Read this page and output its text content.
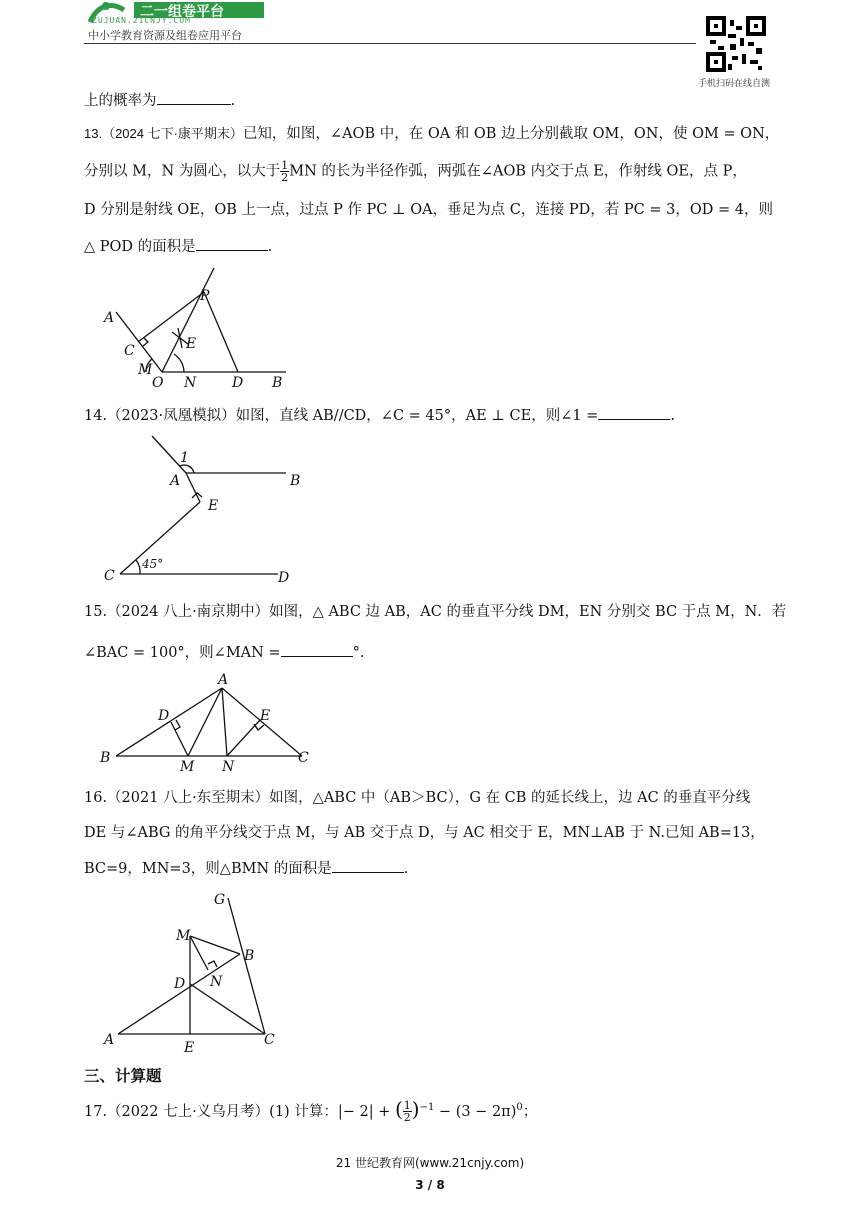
二一组卷平台
ZUJUAN.21CNJY.COM
中小学教育资源及组卷应用平台
手机扫码在线自测
上的概率为	.
13.（2024 七下·康平期末）已知，如图，∠AOB 中，在 OA 和 OB 边上分别截取 OM，ON，使 OM = ON，
分别以 M，N 为圆心，以大于 $\frac{1}{2}$ MN 的长为半径作弧，两弧在∠AOB 内交于点 E，作射线 OE，点 P，
D 分别是射线 OE，OB 上一点，过点 P 作 PC ⊥ OA，垂足为点 C，连接 PD，若 PC = 3，OD = 4，则
△ POD 的面积是	.
A
P
C	E
M
O N	D B
14.（2023·凤凰模拟）如图，直线 AB//CD，∠C = 45°，AE ⊥ CE，则∠1 =	.
1
A	B
E
C
45°
D
15.（2024 八上·南京期中）如图，△ ABC 边 AB，AC 的垂直平分线 DM，EN 分别交 BC 于点 M，N．若
∠BAC = 100°，则∠MAN =	°.
A
D	E
B
M N
C
16.（2021 八上·东至期末）如图，△ABC 中（AB＞BC），G 在 CB 的延长线上，边 AC 的垂直平分线
DE 与∠ABG 的角平分线交于点 M，与 AB 交于点 D，与 AC 相交于 E，MN⊥AB 于 N.已知 AB=13，
BC=9，MN=3，则△BMN 的面积是	.
G
M
B
D N
A	E	C
三、计算题
17.（2022 七上·义乌月考）(1) 计算：|− 2| + ( $\frac{1}{2} )^{-1} - (3 - 2\pi)^0$；
21 世纪教育网(www.21cnjy.com)
3 / 8
